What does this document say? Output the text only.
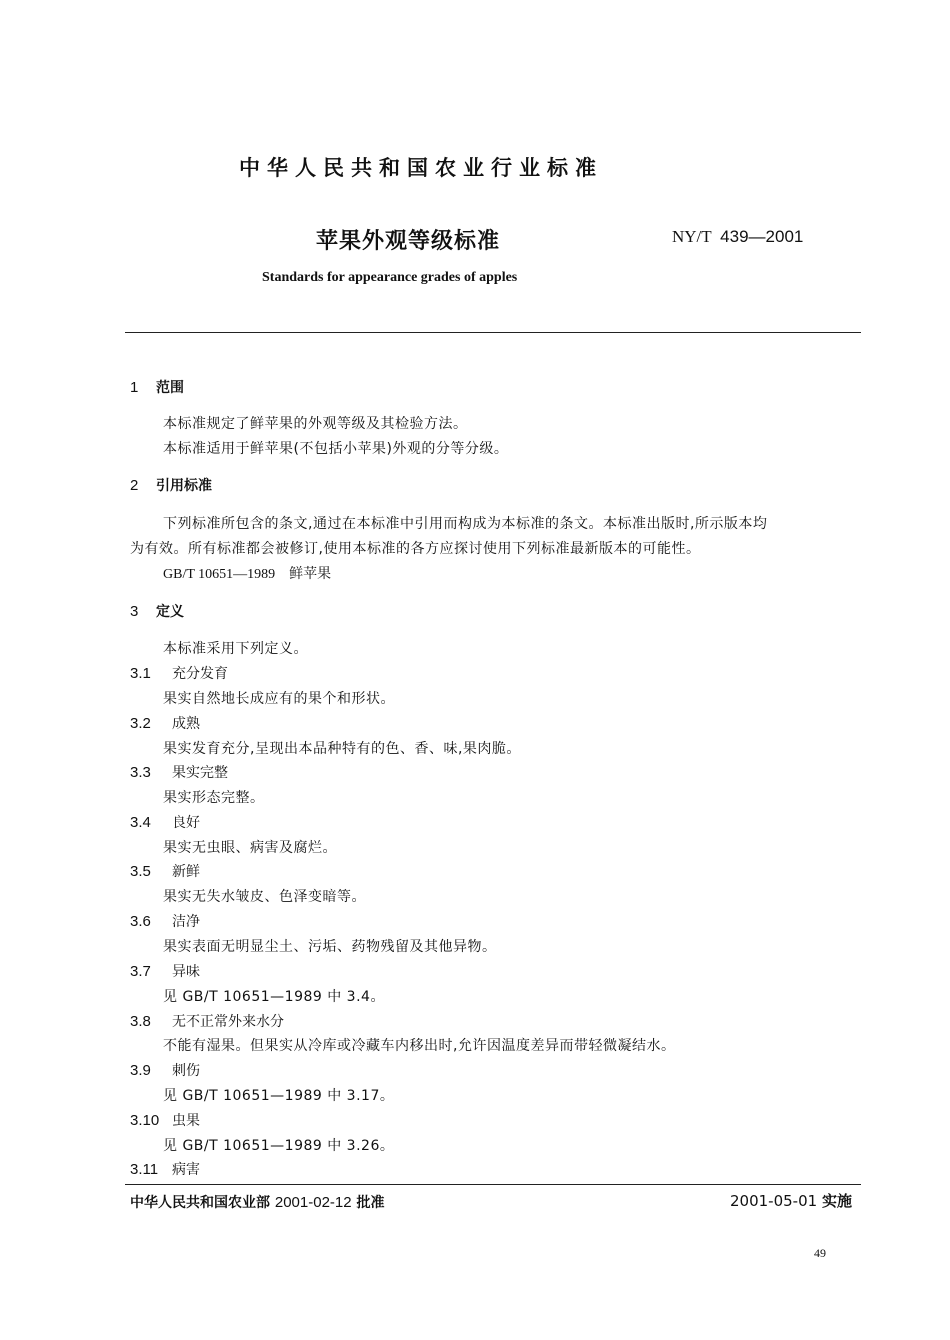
中华人民共和国农业行业标准
苹果外观等级标准	NY/T 439—2001
Standards for appearance grades of apples
1 范围
本标准规定了鲜苹果的外观等级及其检验方法。
本标准适用于鲜苹果(不包括小苹果)外观的分等分级。
2 引用标准
下列标准所包含的条文,通过在本标准中引用而构成为本标准的条文。本标准出版时,所示版本均
为有效。所有标准都会被修订,使用本标准的各方应探讨使用下列标准最新版本的可能性。
GB/T 10651—1989 鲜苹果
3 定义
本标准采用下列定义。
3.1 充分发育
果实自然地长成应有的果个和形状。
3.2 成熟
果实发育充分,呈现出本品种特有的色、香、味,果肉脆。
3.3 果实完整
果实形态完整。
3.4 良好
果实无虫眼、病害及腐烂。
3.5 新鲜
果实无失水皱皮、色泽变暗等。
3.6 洁净
果实表面无明显尘土、污垢、药物残留及其他异物。
3.7 异味
见 GB/T 10651—1989 中 3.4。
3.8 无不正常外来水分
不能有湿果。但果实从冷库或冷藏车内移出时,允许因温度差异而带轻微凝结水。
3.9 刺伤
见 GB/T 10651—1989 中 3.17。
3.10 虫果
见 GB/T 10651—1989 中 3.26。
3.11 病害
中华人民共和国农业部 2001-02-12 批准	2001-05-01 实施
49
